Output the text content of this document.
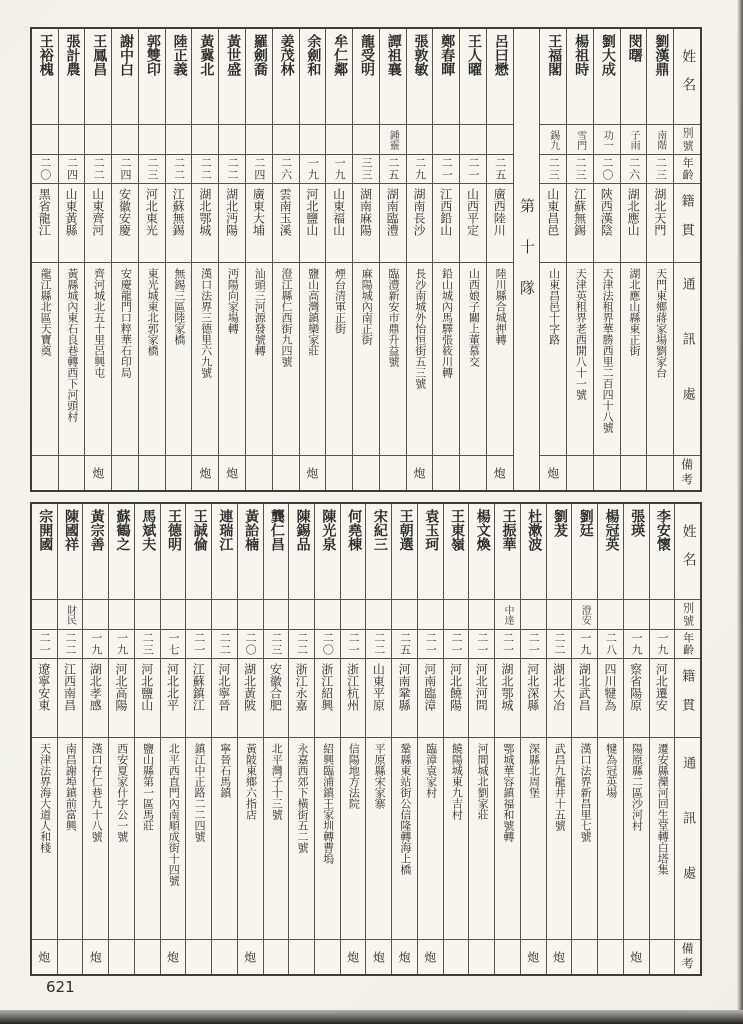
姓名
別號
年齡
籍貫
通訊處
備考
劉漢鼎
南階
二三
湖北天門
天門東鄉蔣家場劉家台
閔曙
子雨
二六
湖北應山
湖北應山縣東正街
劉大成
功一
二〇
陝西漢陰
天津法租界華勝西里二百四十八號
楊祖時
雪門
二三
江蘇無錫
天津英租界老西開八十一號
王福閣
錫九
二三
山東昌邑
山東昌邑十字路
炮
第十隊
呂曰懋
二五
廣西陸川
陸川縣合城押轉
炮
王人曜
二一
山西平定
山西娘子關上董慕交
鄭春暉
二一
江西鉛山
鉛山城內馬驛張筱川轉
張敦敏
二九
湖南長沙
長沙南城外怡恒街五三號
炮
譚祖襄
鍾靈
二五
湖南臨澧
臨澧新安市鼎升益號
龍受明
三三
湖南麻陽
麻陽城內南正街
牟仁鄰
一九
山東福山
煙台清軍正街
余劍和
一九
河北鹽山
鹽山高灣鎮欒家莊
炮
姜茂林
二六
雲南玉溪
澄江縣仁西街九四號
羅劍喬
二四
廣東大埔
汕頭三河源發號轉
黃世盛
二二
湖北沔陽
沔陽向家場轉
炮
黃冀北
二二
湖北鄂城
漢口法界三德里六九號
炮
陸正義
二二
江蘇無錫
無錫三區陸家橋
郭雙印
二三
河北東光
東光城東北郭家橋
謝中白
二四
安徽安慶
安慶龍門口粹華石印局
王鳳昌
二二
山東齊河
齊河城北五十里呂興屯
炮
張計農
二四
山東黃縣
黃縣城內東石良巷轉西下河頭村
王裕槐
二〇
黑省龍江
龍江縣北區天寶奠
姓名
別號
年齡
籍貫
通訊處
備考
李安懷
一九
河北遷安
遷安縣灤河回生堂轉白塔集
張瑛
一九
察省陽原
陽原縣二區沙河村
炮
楊冠英
二八
四川犍為
犍為冠英場
劉廷
澄安
一九
湖北武昌
漢口法界新昌里七號
劉茇
二二
湖北大冶
武昌九龍井十五號
炮
杜漱波
二一
河北深縣
深縣北周堡
炮
王振華
中達
二一
湖北鄂城
鄂城華容鎮福和號轉
楊文煥
二一
河北河間
河間城北劉家莊
王東嶺
二一
河北饒陽
饒陽城東九吉村
袁玉珂
二一
河南臨漳
臨漳袁家村
炮
王朝選
二五
河南鞏縣
鞏縣東站街公信隆轉海上橋
炮
宋紀三
二二
山東平原
平原縣宋家寨
炮
何堯棟
二一
浙江杭州
信陽地方法院
炮
陳光泉
二〇
浙江紹興
紹興臨浦鎮王家圳轉曹塢
陳錫品
二二
浙江永嘉
永嘉西郊下橫街五二號
龔仁昌
二三
安徽合肥
北平灣子十三號
黃詒楠
二〇
湖北黃陂
黃陂東鄉六指店
炮
連瑞江
二二
河北寧晉
寧晉石馬鎮
王誠倫
二一
江蘇鎮江
鎮江中正路二二四號
王德明
一七
河北北平
北平西直門內南順成街十四號
炮
馬斌夫
二三
河北鹽山
鹽山縣第一區馬莊
蘇鶴之
一九
河北高陽
西安夏家什字公一號
黃宗善
一九
湖北孝感
漢口存仁巷九十八號
炮
陳國祥
財民
二二
江西南昌
南昌謝埠鎮前富興
宗開國
二一
遼寧安東
天津法界海大道人和棧
炮
621
